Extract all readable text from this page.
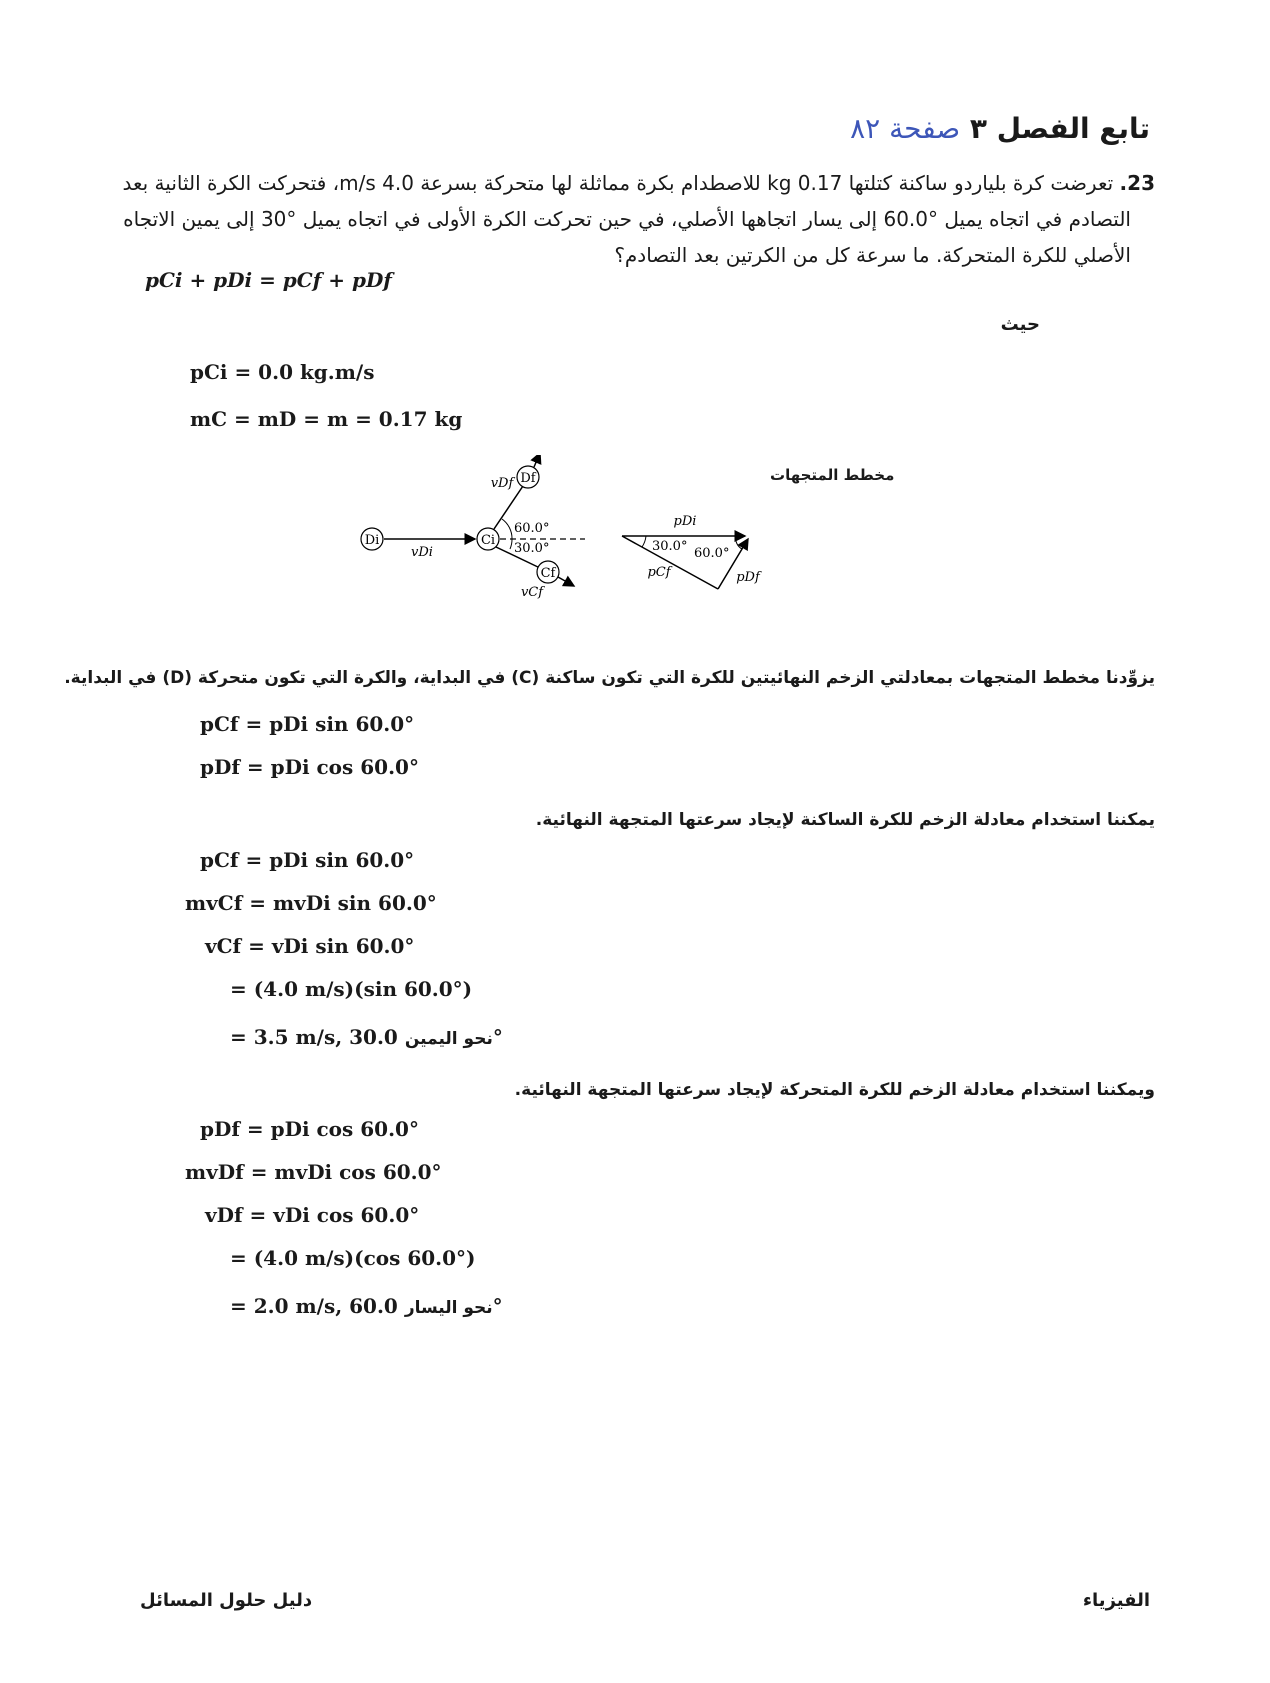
تابع الفصل ٣ صفحة ٨٢
23. تعرضت كرة بلياردو ساكنة كتلتها 0.17 kg للاصطدام بكرة مماثلة لها متحركة بسرعة 4.0 m/s، فتحركت الكرة الثانية بعد
التصادم في اتجاه يميل °60.0 إلى يسار اتجاهها الأصلي، في حين تحركت الكرة الأولى في اتجاه يميل °30 إلى يمين الاتجاه
الأصلي للكرة المتحركة. ما سرعة كل من الكرتين بعد التصادم؟
pCi + pDi = pCf + pDf
حيث
pCi = 0.0 kg.m/s
mC = mD = m = 0.17 kg
مخطط المتجهات
Di
vDi
Ci
Df
vDf
Cf
vCf
60.0°
30.0°
pDi
30.0° 60.0°
pCf	pDf
يزوِّدنا مخطط المتجهات بمعادلتي الزخم النهائيتين للكرة التي تكون ساكنة (C) في البداية، والكرة التي تكون متحركة (D) في البداية.
pCf = pDi sin 60.0°
pDf = pDi cos 60.0°
يمكننا استخدام معادلة الزخم للكرة الساكنة لإيجاد سرعتها المتجهة النهائية.
pCf = pDi sin 60.0°
mvCf = mvDi sin 60.0°
vCf = vDi sin 60.0°
= (4.0 m/s)(sin 60.0°)
= 3.5 m/s,	نحو اليمين 30.0°
ويمكننا استخدام معادلة الزخم للكرة المتحركة لإيجاد سرعتها المتجهة النهائية.
pDf = pDi cos 60.0°
mvDf = mvDi cos 60.0°
vDf = vDi cos 60.0°
= (4.0 m/s)(cos 60.0°)
= 2.0 m/s,	نحو اليسار 60.0°
الفيزياء
دليل حلول المسائل
